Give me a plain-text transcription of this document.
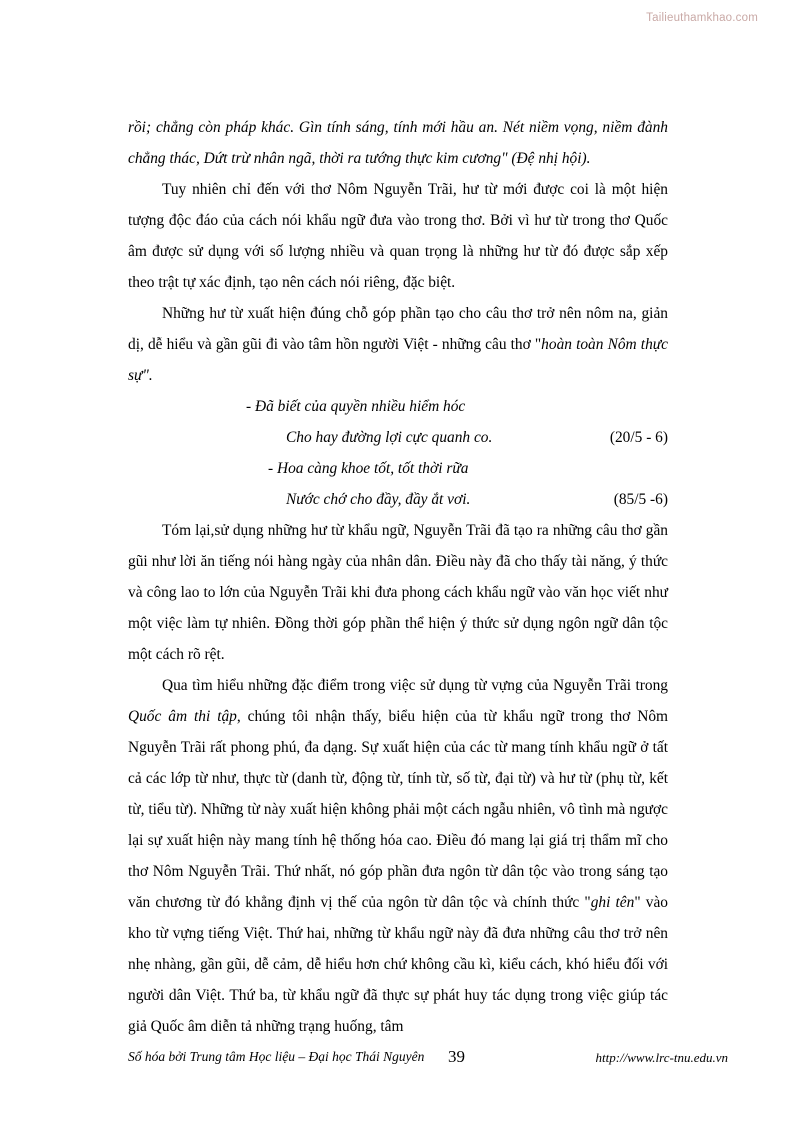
Tailieuthamkhao.com

rồi; chẳng còn pháp khác. Gìn tính sáng, tính mới hầu an. Nét niềm vọng, niềm đành chẳng thác, Dứt trừ nhân ngã, thời ra tướng thực kim cương" (Đệ nhị hội).

Tuy nhiên chỉ đến với thơ Nôm Nguyễn Trãi, hư từ mới được coi là một hiện tượng độc đáo của cách nói khẩu ngữ đưa vào trong thơ. Bởi vì hư từ trong thơ Quốc âm được sử dụng với số lượng nhiều và quan trọng là những hư từ đó được sắp xếp theo trật tự xác định, tạo nên cách nói riêng, đặc biệt.

Những hư từ xuất hiện đúng chỗ góp phần tạo cho câu thơ trở nên nôm na, giản dị, dễ hiểu và gần gũi đi vào tâm hồn người Việt - những câu thơ "hoàn toàn Nôm thực sự".

- Đã biết của quyền nhiều hiểm hóc
Cho hay đường lợi cực quanh co.	(20/5 - 6)
- Hoa càng khoe tốt, tốt thời rữa
Nước chớ cho đầy, đầy ắt vơi.	(85/5 -6)

Tóm lại,sử dụng những hư từ khẩu ngữ, Nguyễn Trãi đã tạo ra những câu thơ gần gũi như lời ăn tiếng nói hàng ngày của nhân dân. Điều này đã cho thấy tài năng, ý thức và công lao to lớn của Nguyễn Trãi khi đưa phong cách khẩu ngữ vào văn học viết như một việc làm tự nhiên. Đồng thời góp phần thể hiện ý thức sử dụng ngôn ngữ dân tộc một cách rõ rệt.

Qua tìm hiểu những đặc điểm trong việc sử dụng từ vựng của Nguyễn Trãi trong Quốc âm thi tập, chúng tôi nhận thấy, biểu hiện của từ khẩu ngữ trong thơ Nôm Nguyễn Trãi rất phong phú, đa dạng. Sự xuất hiện của các từ mang tính khẩu ngữ ở tất cả các lớp từ như, thực từ (danh từ, động từ, tính từ, số từ, đại từ) và hư từ (phụ từ, kết từ, tiểu từ). Những từ này xuất hiện không phải một cách ngẫu nhiên, vô tình mà ngược lại sự xuất hiện này mang tính hệ thống hóa cao. Điều đó mang lại giá trị thẩm mĩ cho thơ Nôm Nguyễn Trãi. Thứ nhất, nó góp phần đưa ngôn từ dân tộc vào trong sáng tạo văn chương từ đó khẳng định vị thế của ngôn từ dân tộc và chính thức "ghi tên" vào kho từ vựng tiếng Việt. Thứ hai, những từ khẩu ngữ này đã đưa những câu thơ trở nên nhẹ nhàng, gần gũi, dễ cảm, dễ hiểu hơn chứ không cầu kì, kiểu cách, khó hiểu đối với người dân Việt. Thứ ba, từ khẩu ngữ đã thực sự phát huy tác dụng trong việc giúp tác giả Quốc âm diễn tả những trạng huống, tâm

Số hóa bởi Trung tâm Học liệu – Đại học Thái Nguyên 39	http://www.lrc-tnu.edu.vn
